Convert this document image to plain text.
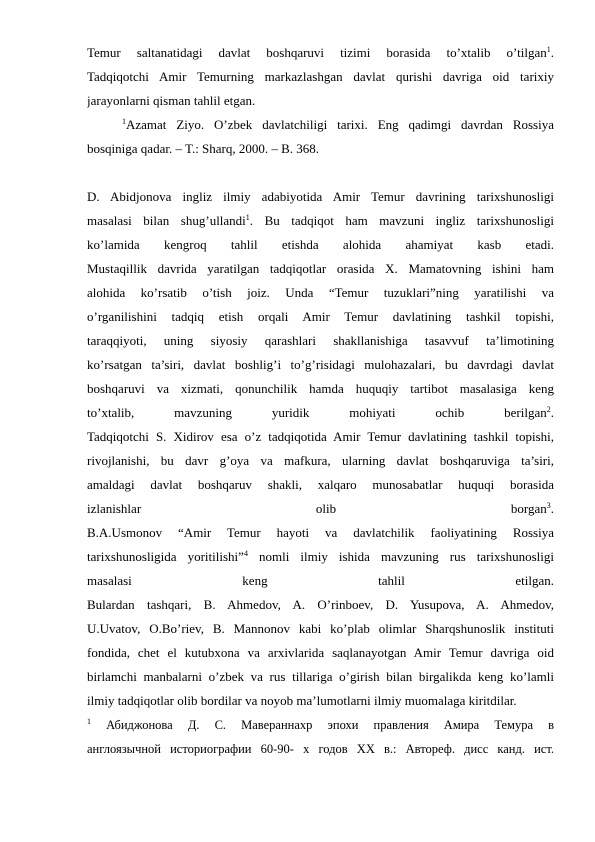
Temur saltanatidagi davlat boshqaruvi tizimi borasida to’xtalib o’tilgan$^1$.
Tadqiqotchi Amir Temurning markazlashgan davlat qurishi davriga oid tarixiy
jarayonlarni qisman tahlil etgan.
$^1$Azamat Ziyo. O’zbek davlatchiligi tarixi. Eng qadimgi davrdan Rossiya
bosqiniga qadar. – T.: Sharq, 2000. – B. 368.
D. Abidjonova ingliz ilmiy adabiyotida Amir Temur davrining tarixshunosligi
masalasi bilan shug’ullandi$^1$. Bu tadqiqot ham mavzuni ingliz tarixshunosligi
ko’lamida kengroq tahlil etishda alohida ahamiyat kasb etadi.
Mustaqillik davrida yaratilgan tadqiqotlar orasida X. Mamatovning ishini ham
alohida ko’rsatib o’tish joiz. Unda “Temur tuzuklari”ning yaratilishi va
o’rganilishini tadqiq etish orqali Amir Temur davlatining tashkil topishi,
taraqqiyoti, uning siyosiy qarashlari shakllanishiga tasavvuf ta’limotining
ko’rsatgan ta’siri, davlat boshlig’i to’g’risidagi mulohazalari, bu davrdagi davlat
boshqaruvi va xizmati, qonunchilik hamda huquqiy tartibot masalasiga keng
to’xtalib, mavzuning yuridik mohiyati ochib berilgan$^2$.
Tadqiqotchi S. Xidirov esa o’z tadqiqotida Amir Temur davlatining tashkil topishi,
rivojlanishi, bu davr g’oya va mafkura, ularning davlat boshqaruviga ta’siri,
amaldagi davlat boshqaruv shakli, xalqaro munosabatlar huquqi borasida
izlanishlar olib borgan$^3$.
B.A.Usmonov “Amir Temur hayoti va davlatchilik faoliyatining Rossiya
tarixshunosligida yoritilishi”$^4$ nomli ilmiy ishida mavzuning rus tarixshunosligi
masalasi keng tahlil etilgan.
Bulardan tashqari, B. Ahmedov, A. O’rinboev, D. Yusupova, A. Ahmedov,
U.Uvatov, O.Bo’riev, B. Mannonov kabi ko’plab olimlar Sharqshunoslik instituti
fondida, chet el kutubxona va arxivlarida saqlanayotgan Amir Temur davriga oid
birlamchi manbalarni o’zbek va rus tillariga o’girish bilan birgalikda keng ko’lamli
ilmiy tadqiqotlar olib bordilar va noyob ma’lumotlarni ilmiy muomalaga kiritdilar.
$^1$ Абиджонова Д. С. Мавераннахр эпохи правления Амира Темура в
англоязычной историографии 60-90- х годов XX в.: Автореф. дисс канд. ист.
